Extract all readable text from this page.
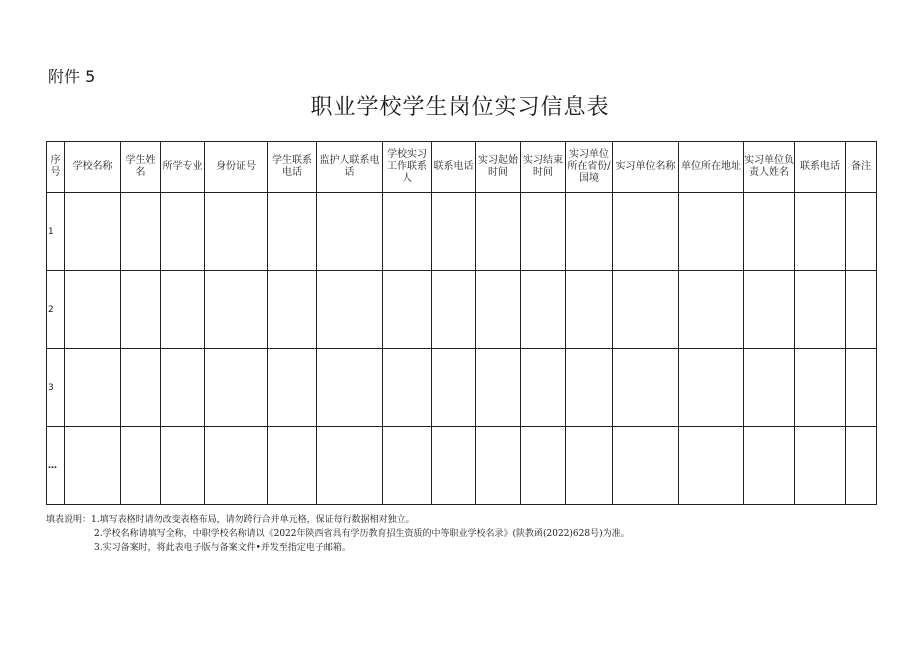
附件 5
职业学校学生岗位实习信息表
序号	学校名称	学生姓名	所学专业	身份证号	学生联系电话	监护人联系电话	学校实习工作联系人	联系电话	实习起始时间	实习结束时间	实习单位所在省份/国境	实习单位名称	单位所在地址	实习单位负责人姓名	联系电话	备注
1																
2																
3																
…																
填表说明：1.填写表格时请勿改变表格布局，请勿跨行合并单元格，保证每行数据相对独立。
2.学校名称请填写全称，中职学校名称请以《2022年陕西省具有学历教育招生资质的中等职业学校名录》(陕教函(2022)628号)为准。
3.实习备案时，将此表电子版与备案文件•并发至指定电子邮箱。
